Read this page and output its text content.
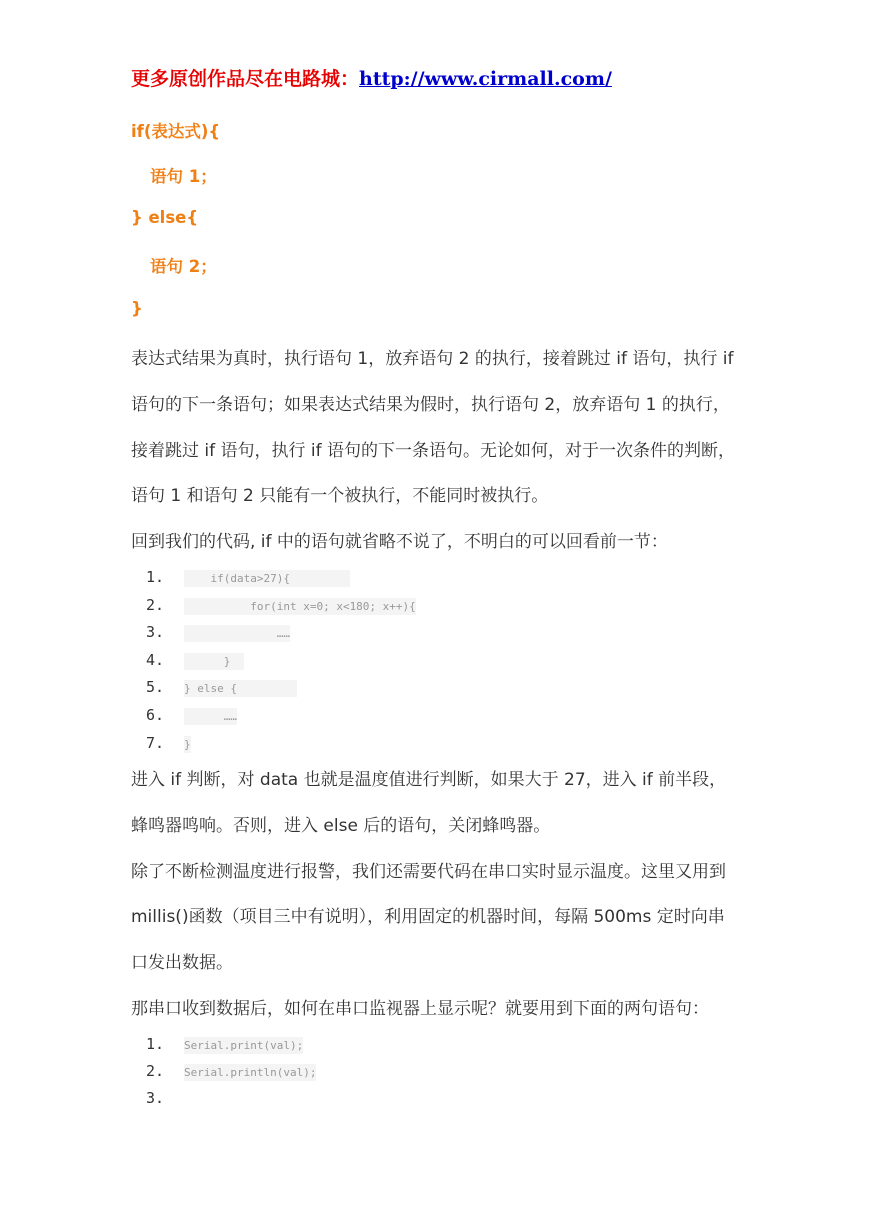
更多原创作品尽在电路城：http://www.cirmall.com/
if(表达式){
语句 1；
} else{
语句 2；
}
表达式结果为真时，执行语句 1，放弃语句 2 的执行，接着跳过 if 语句，执行 if
语句的下一条语句；如果表达式结果为假时，执行语句 2，放弃语句 1 的执行，
接着跳过 if 语句，执行 if 语句的下一条语句。无论如何，对于一次条件的判断，
语句 1 和语句 2 只能有一个被执行，不能同时被执行。
回到我们的代码, if 中的语句就省略不说了，不明白的可以回看前一节：
1.	if(data>27){
2.	for(int x=0; x<180; x++){
3.	……
4.	}
5.	} else {
6.	……
7.	}
进入 if 判断，对 data 也就是温度值进行判断，如果大于 27，进入 if 前半段，
蜂鸣器鸣响。否则，进入 else 后的语句，关闭蜂鸣器。
除了不断检测温度进行报警，我们还需要代码在串口实时显示温度。这里又用到
millis()函数（项目三中有说明），利用固定的机器时间，每隔 500ms 定时向串
口发出数据。
那串口收到数据后，如何在串口监视器上显示呢？就要用到下面的两句语句：
1.	Serial.print(val);
2.	Serial.println(val);
3.
